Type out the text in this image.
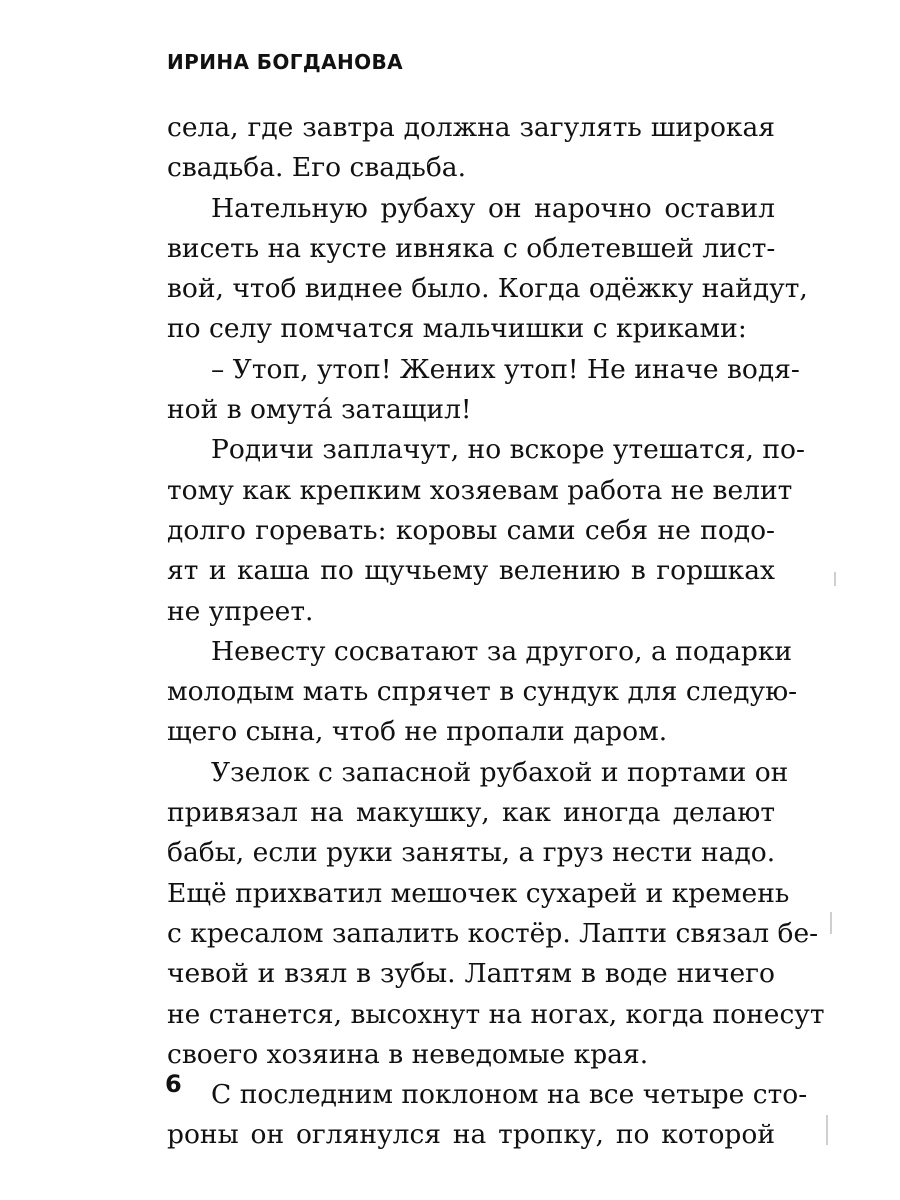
ИРИНА БОГДАНОВА
села, где завтра должна загулять широкая
свадьба. Его свадьба.
Нательную рубаху он нарочно оставил
висеть на кусте ивняка с облетевшей лист-
вой, чтоб виднее было. Когда одёжку найдут,
по селу помчатся мальчишки с криками:
– Утоп, утоп! Жених утоп! Не иначе водя-
ной в омута́ затащил!
Родичи заплачут, но вскоре утешатся, по-
тому как крепким хозяевам работа не велит
долго горевать: коровы сами себя не подо-
ят и каша по щучьему велению в горшках
не упреет.
Невесту сосватают за другого, а подарки
молодым мать спрячет в сундук для следую-
щего сына, чтоб не пропали даром.
Узелок с запасной рубахой и портами он
привязал на макушку, как иногда делают
бабы, если руки заняты, а груз нести надо.
Ещё прихватил мешочек сухарей и кремень
с кресалом запалить костёр. Лапти связал бе-
чевой и взял в зубы. Лаптям в воде ничего
не станется, высохнут на ногах, когда понесут
своего хозяина в неведомые края.
С последним поклоном на все четыре сто-
роны он оглянулся на тропку, по которой
6
